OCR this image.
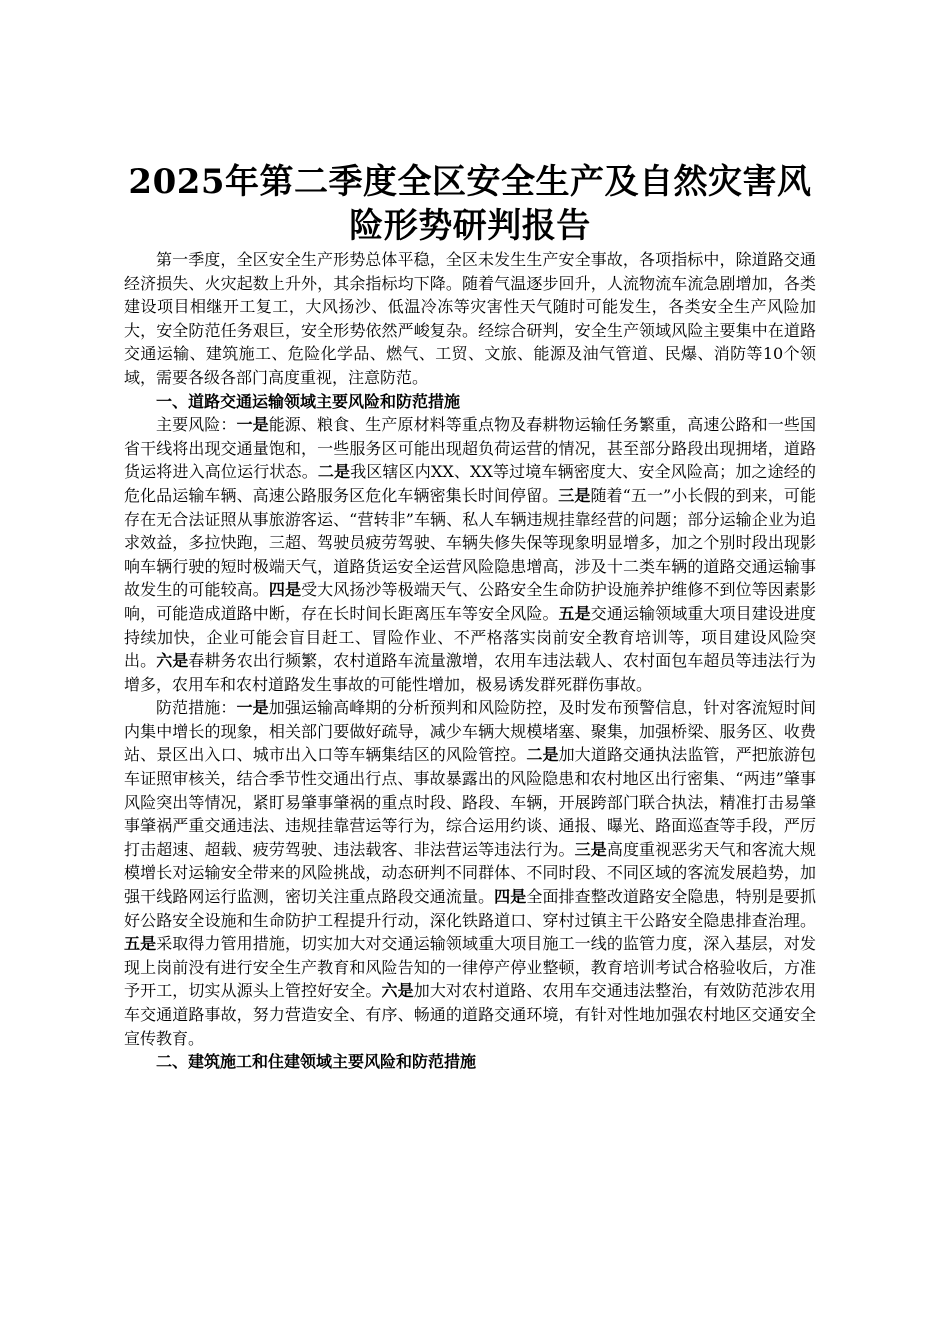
2025年第二季度全区安全生产及自然灾害风险形势研判报告

第一季度，全区安全生产形势总体平稳，全区未发生生产安全事故，各项指标中，除道路交通经济损失、火灾起数上升外，其余指标均下降。随着气温逐步回升，人流物流车流急剧增加，各类建设项目相继开工复工，大风扬沙、低温冷冻等灾害性天气随时可能发生，各类安全生产风险加大，安全防范任务艰巨，安全形势依然严峻复杂。经综合研判，安全生产领域风险主要集中在道路交通运输、建筑施工、危险化学品、燃气、工贸、文旅、能源及油气管道、民爆、消防等10个领域，需要各级各部门高度重视，注意防范。

一、道路交通运输领域主要风险和防范措施

主要风险：一是能源、粮食、生产原材料等重点物及春耕物运输任务繁重，高速公路和一些国省干线将出现交通量饱和，一些服务区可能出现超负荷运营的情况，甚至部分路段出现拥堵，道路货运将进入高位运行状态。二是我区辖区内XX、XX等过境车辆密度大、安全风险高；加之途经的危化品运输车辆、高速公路服务区危化车辆密集长时间停留。三是随着“五一”小长假的到来，可能存在无合法证照从事旅游客运、“营转非”车辆、私人车辆违规挂靠经营的问题；部分运输企业为追求效益，多拉快跑，三超、驾驶员疲劳驾驶、车辆失修失保等现象明显增多，加之个别时段出现影响车辆行驶的短时极端天气，道路货运安全运营风险隐患增高，涉及十二类车辆的道路交通运输事故发生的可能较高。四是受大风扬沙等极端天气、公路安全生命防护设施养护维修不到位等因素影响，可能造成道路中断，存在长时间长距离压车等安全风险。五是交通运输领域重大项目建设进度持续加快，企业可能会盲目赶工、冒险作业、不严格落实岗前安全教育培训等，项目建设风险突出。六是春耕务农出行频繁，农村道路车流量激增，农用车违法载人、农村面包车超员等违法行为增多，农用车和农村道路发生事故的可能性增加，极易诱发群死群伤事故。

防范措施：一是加强运输高峰期的分析预判和风险防控，及时发布预警信息，针对客流短时间内集中增长的现象，相关部门要做好疏导，减少车辆大规模堵塞、聚集，加强桥梁、服务区、收费站、景区出入口、城市出入口等车辆集结区的风险管控。二是加大道路交通执法监管，严把旅游包车证照审核关，结合季节性交通出行点、事故暴露出的风险隐患和农村地区出行密集、“两违”肇事风险突出等情况，紧盯易肇事肇祸的重点时段、路段、车辆，开展跨部门联合执法，精准打击易肇事肇祸严重交通违法、违规挂靠营运等行为，综合运用约谈、通报、曝光、路面巡查等手段，严厉打击超速、超载、疲劳驾驶、违法载客、非法营运等违法行为。三是高度重视恶劣天气和客流大规模增长对运输安全带来的风险挑战，动态研判不同群体、不同时段、不同区域的客流发展趋势，加强干线路网运行监测，密切关注重点路段交通流量。四是全面排查整改道路安全隐患，特别是要抓好公路安全设施和生命防护工程提升行动，深化铁路道口、穿村过镇主干公路安全隐患排查治理。五是采取得力管用措施，切实加大对交通运输领域重大项目施工一线的监管力度，深入基层，对发现上岗前没有进行安全生产教育和风险告知的一律停产停业整顿，教育培训考试合格验收后，方准予开工，切实从源头上管控好安全。六是加大对农村道路、农用车交通违法整治，有效防范涉农用车交通道路事故，努力营造安全、有序、畅通的道路交通环境，有针对性地加强农村地区交通安全宣传教育。

二、建筑施工和住建领域主要风险和防范措施
